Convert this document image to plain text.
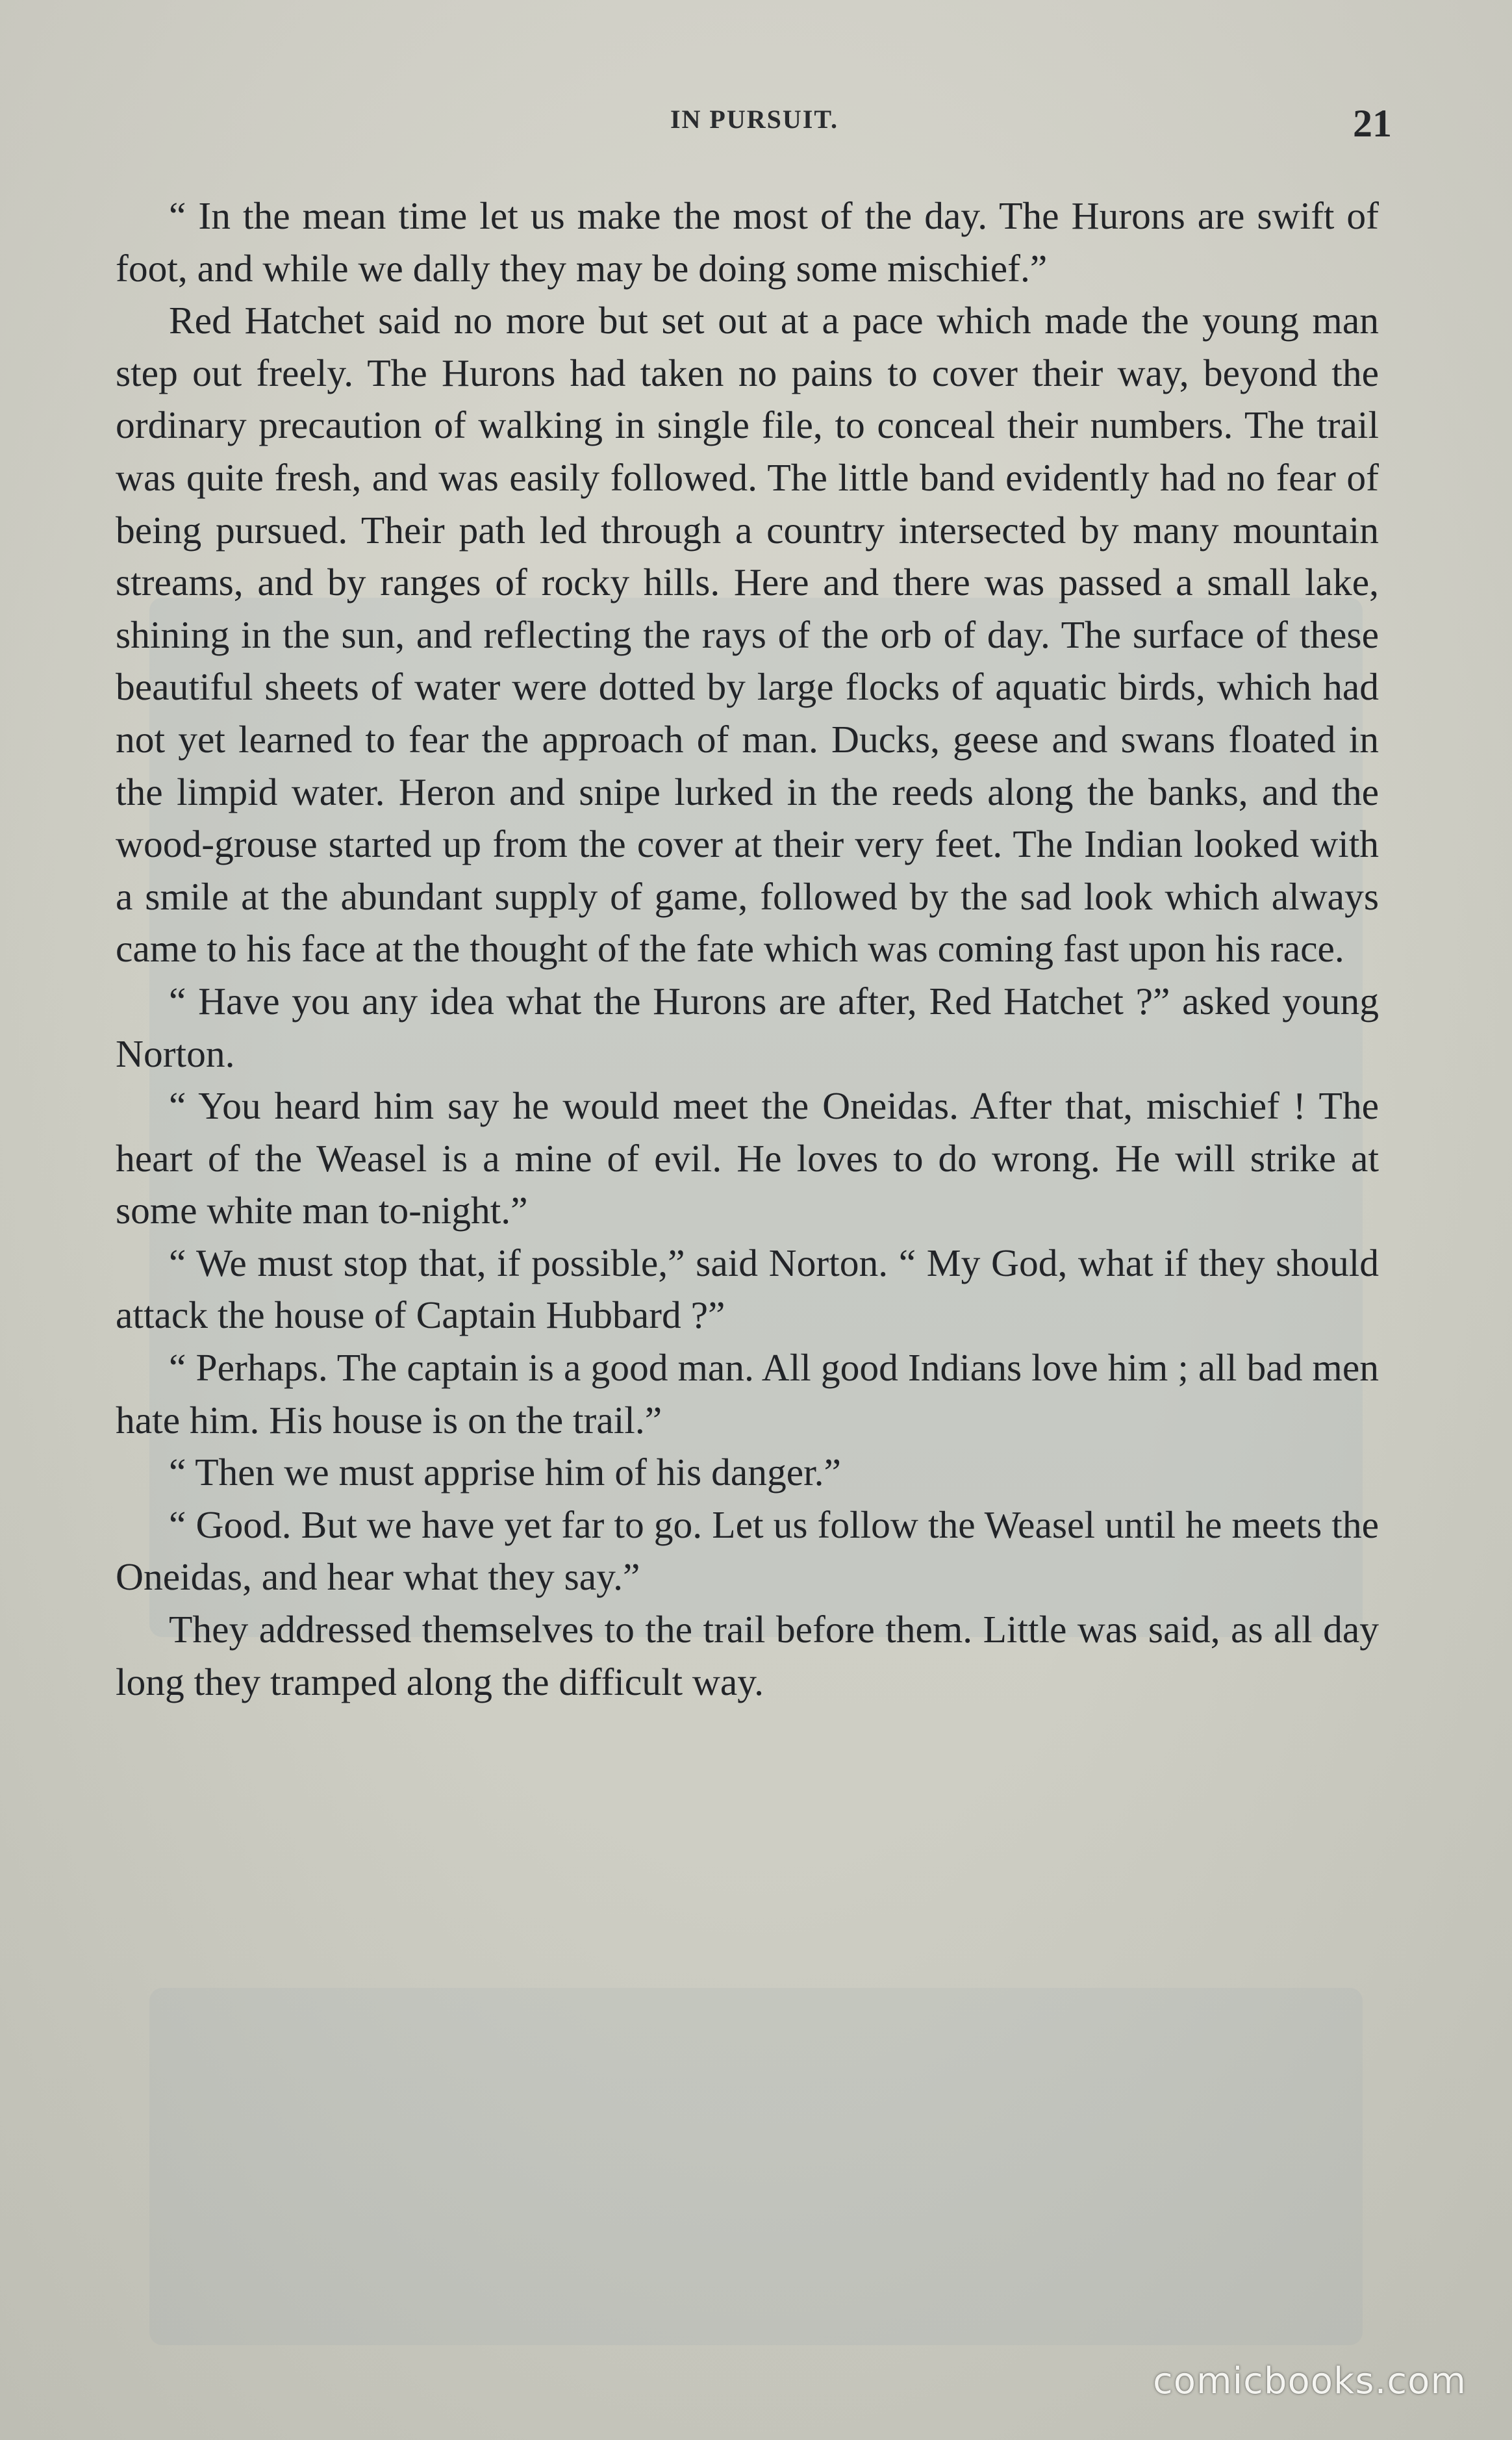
IN PURSUIT.	21

“ In the mean time let us make the most of the day. The Hurons are swift of foot, and while we dally they may be doing some mischief.”

Red Hatchet said no more but set out at a pace which made the young man step out freely. The Hurons had taken no pains to cover their way, beyond the ordinary precaution of walking in single file, to conceal their numbers. The trail was quite fresh, and was easily followed. The little band evidently had no fear of being pursued. Their path led through a country intersected by many mountain streams, and by ranges of rocky hills. Here and there was passed a small lake, shining in the sun, and reflecting the rays of the orb of day. The surface of these beautiful sheets of water were dotted by large flocks of aquatic birds, which had not yet learned to fear the approach of man. Ducks, geese and swans floated in the limpid water. Heron and snipe lurked in the reeds along the banks, and the wood-grouse started up from the cover at their very feet. The Indian looked with a smile at the abundant supply of game, followed by the sad look which always came to his face at the thought of the fate which was coming fast upon his race.

“ Have you any idea what the Hurons are after, Red Hatchet ?” asked young Norton.

“ You heard him say he would meet the Oneidas. After that, mischief ! The heart of the Weasel is a mine of evil. He loves to do wrong. He will strike at some white man to-night.”

“ We must stop that, if possible,” said Norton. “ My God, what if they should attack the house of Captain Hubbard ?”

“ Perhaps. The captain is a good man. All good Indians love him ; all bad men hate him. His house is on the trail.”

“ Then we must apprise him of his danger.”

“ Good. But we have yet far to go. Let us follow the Weasel until he meets the Oneidas, and hear what they say.”

They addressed themselves to the trail before them. Little was said, as all day long they tramped along the difficult way.

comicbooks.com
